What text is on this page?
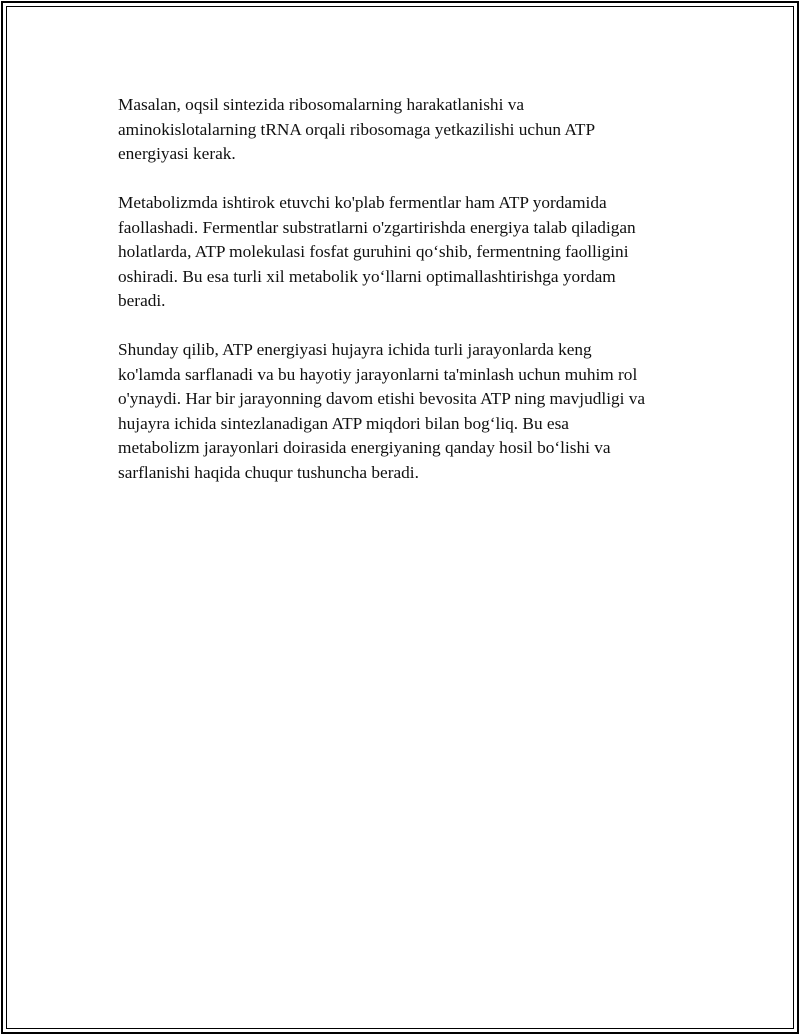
Masalan, oqsil sintezida ribosomalarning harakatlanishi va
aminokislotalarning tRNA orqali ribosomaga yetkazilishi uchun ATP
energiyasi kerak.

Metabolizmda ishtirok etuvchi ko'plab fermentlar ham ATP yordamida
faollashadi. Fermentlar substratlarni o'zgartirishda energiya talab qiladigan
holatlarda, ATP molekulasi fosfat guruhini qo‘shib, fermentning faolligini
oshiradi. Bu esa turli xil metabolik yo‘llarni optimallashtirishga yordam
beradi.

Shunday qilib, ATP energiyasi hujayra ichida turli jarayonlarda keng
ko'lamda sarflanadi va bu hayotiy jarayonlarni ta'minlash uchun muhim rol
o'ynaydi. Har bir jarayonning davom etishi bevosita ATP ning mavjudligi va
hujayra ichida sintezlanadigan ATP miqdori bilan bog‘liq. Bu esa
metabolizm jarayonlari doirasida energiyaning qanday hosil bo‘lishi va
sarflanishi haqida chuqur tushuncha beradi.
